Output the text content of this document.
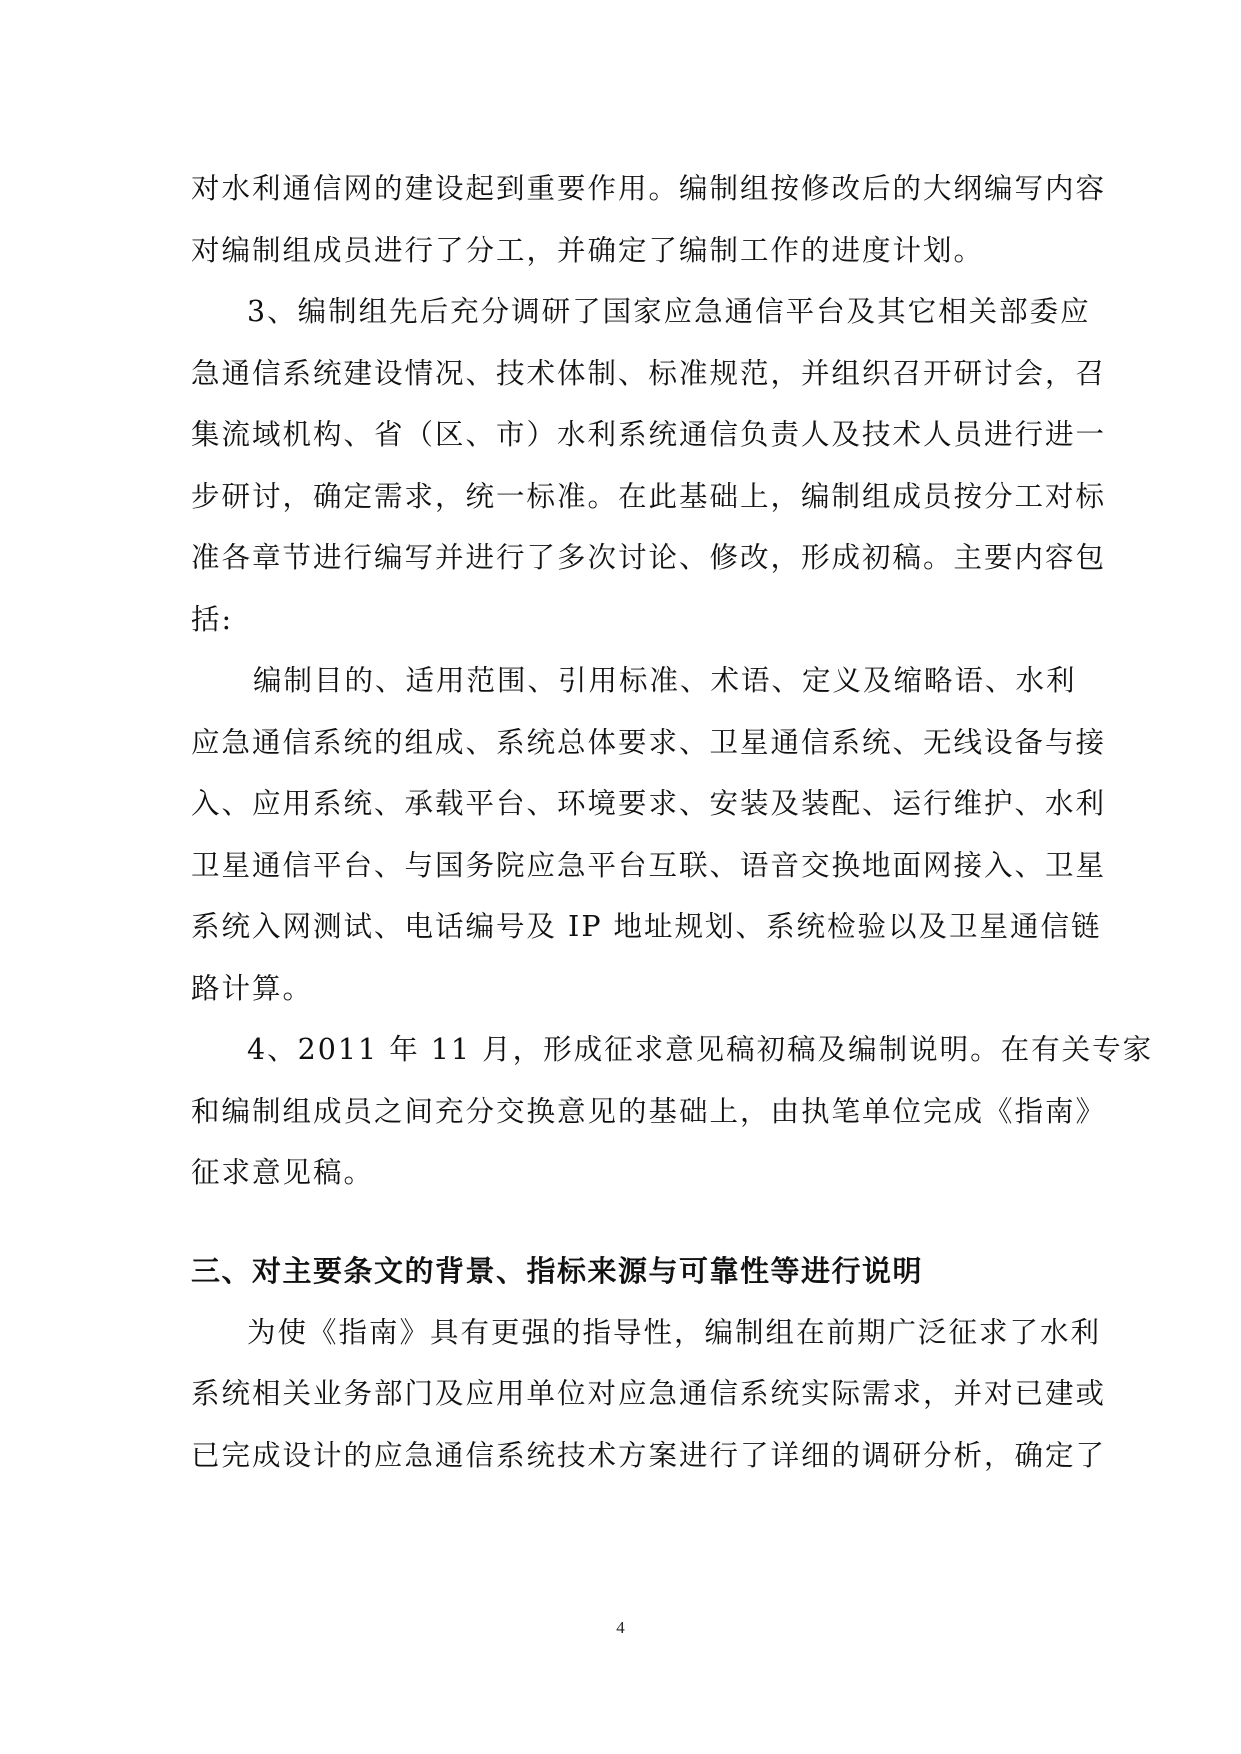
对水利通信网的建设起到重要作用。编制组按修改后的大纲编写内容
对编制组成员进行了分工，并确定了编制工作的进度计划。
3、编制组先后充分调研了国家应急通信平台及其它相关部委应
急通信系统建设情况、技术体制、标准规范，并组织召开研讨会，召
集流域机构、省（区、市）水利系统通信负责人及技术人员进行进一
步研讨，确定需求，统一标准。在此基础上，编制组成员按分工对标
准各章节进行编写并进行了多次讨论、修改，形成初稿。主要内容包
括:
编制目的、适用范围、引用标准、术语、定义及缩略语、水利
应急通信系统的组成、系统总体要求、卫星通信系统、无线设备与接
入、应用系统、承载平台、环境要求、安装及装配、运行维护、水利
卫星通信平台、与国务院应急平台互联、语音交换地面网接入、卫星
系统入网测试、电话编号及 IP 地址规划、系统检验以及卫星通信链
路计算。
4、2011 年 11 月，形成征求意见稿初稿及编制说明。在有关专家
和编制组成员之间充分交换意见的基础上，由执笔单位完成《指南》
征求意见稿。
三、对主要条文的背景、指标来源与可靠性等进行说明
为使《指南》具有更强的指导性，编制组在前期广泛征求了水利
系统相关业务部门及应用单位对应急通信系统实际需求，并对已建或
已完成设计的应急通信系统技术方案进行了详细的调研分析，确定了
4
